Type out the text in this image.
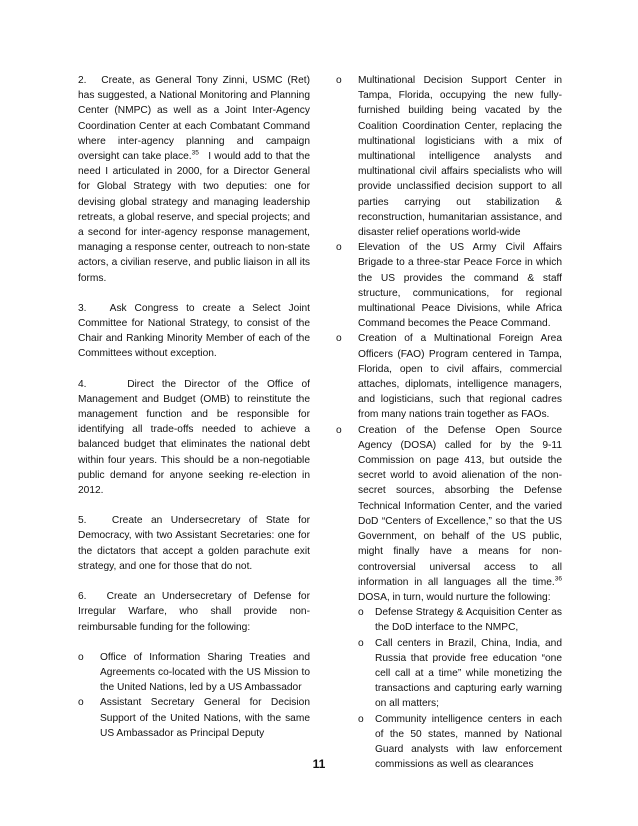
2. Create, as General Tony Zinni, USMC (Ret) has suggested, a National Monitoring and Planning Center (NMPC) as well as a Joint Inter-Agency Coordination Center at each Combatant Command where inter-agency planning and campaign oversight can take place.$^{35}$ I would add to that the need I articulated in 2000, for a Director General for Global Strategy with two deputies: one for devising global strategy and managing leadership retreats, a global reserve, and special projects; and a second for inter-agency response management, managing a response center, outreach to non-state actors, a civilian reserve, and public liaison in all its forms.

3. Ask Congress to create a Select Joint Committee for National Strategy, to consist of the Chair and Ranking Minority Member of each of the Committees without exception.

4.	Direct the Director of the Office of Management and Budget (OMB) to reinstitute the management function and be responsible for identifying all trade-offs needed to achieve a balanced budget that eliminates the national debt within four years. This should be a non-negotiable public demand for anyone seeking re-election in 2012.

5. Create an Undersecretary of State for Democracy, with two Assistant Secretaries: one for the dictators that accept a golden parachute exit strategy, and one for those that do not.

6. Create an Undersecretary of Defense for Irregular Warfare, who shall provide non-reimbursable funding for the following:

o	Office of Information Sharing Treaties and Agreements co-located with the US Mission to the United Nations, led by a US Ambassador
o	Assistant Secretary General for Decision Support of the United Nations, with the same US Ambassador as Principal Deputy
o	Multinational Decision Support Center in Tampa, Florida, occupying the new fully-furnished building being vacated by the Coalition Coordination Center, replacing the multinational logisticians with a mix of multinational intelligence analysts and multinational civil affairs specialists who will provide unclassified decision support to all parties carrying out stabilization & reconstruction, humanitarian assistance, and disaster relief operations world-wide
o	Elevation of the US Army Civil Affairs Brigade to a three-star Peace Force in which the US provides the command & staff structure, communications, for regional multinational Peace Divisions, while Africa Command becomes the Peace Command.
o	Creation of a Multinational Foreign Area Officers (FAO) Program centered in Tampa, Florida, open to civil affairs, commercial attaches, diplomats, intelligence managers, and logisticians, such that regional cadres from many nations train together as FAOs.
o	Creation of the Defense Open Source Agency (DOSA) called for by the 9-11 Commission on page 413, but outside the secret world to avoid alienation of the non-secret sources, absorbing the Defense Technical Information Center, and the varied DoD “Centers of Excellence,” so that the US Government, on behalf of the US public, might finally have a means for non-controversial universal access to all information in all languages all the time.$^{36}$ DOSA, in turn, would nurture the following:
o	Defense Strategy & Acquisition Center as the DoD interface to the NMPC,
o	Call centers in Brazil, China, India, and Russia that provide free education “one cell call at a time” while monetizing the transactions and capturing early warning on all matters;
o	Community intelligence centers in each of the 50 states, manned by National Guard analysts with law enforcement commissions as well as clearances
11
